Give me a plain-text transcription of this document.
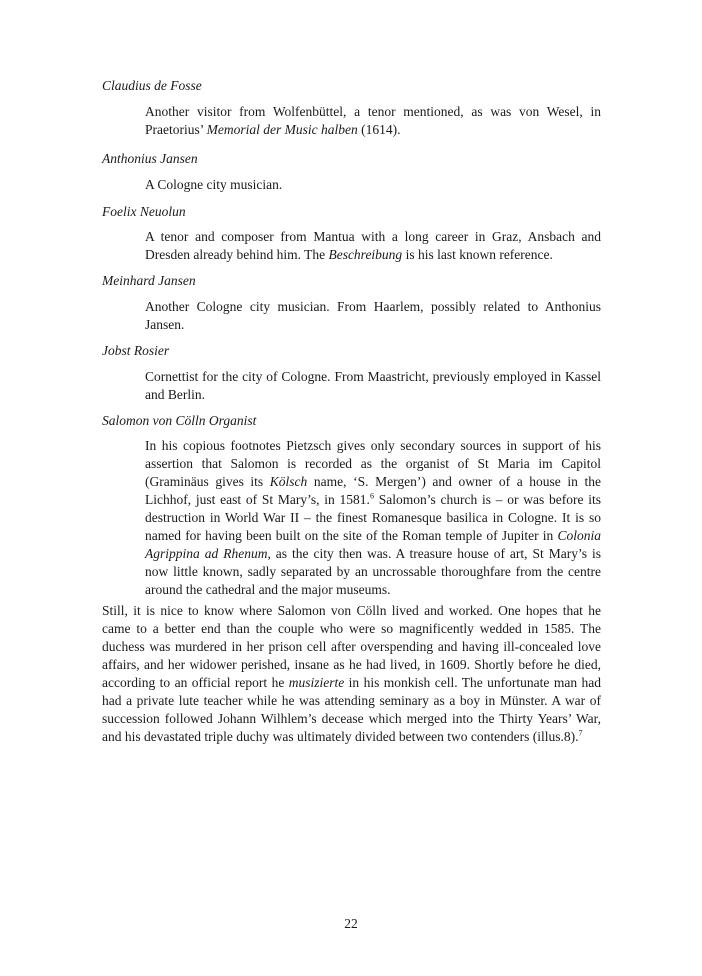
Claudius de Fosse
Another visitor from Wolfenbüttel, a tenor mentioned, as was von Wesel, in Praetorius’ Memorial der Music halben (1614).
Anthonius Jansen
A Cologne city musician.
Foelix Neuolun
A tenor and composer from Mantua with a long career in Graz, Ansbach and Dresden already behind him. The Beschreibung is his last known reference.
Meinhard Jansen
Another Cologne city musician. From Haarlem, possibly related to Anthonius Jansen.
Jobst Rosier
Cornettist for the city of Cologne. From Maastricht, previously employed in Kassel and Berlin.
Salomon von Cölln Organist
In his copious footnotes Pietzsch gives only secondary sources in support of his assertion that Salomon is recorded as the organist of St Maria im Capitol (Graminäus gives its Kölsch name, ‘S. Mergen’) and owner of a house in the Lichhof, just east of St Mary’s, in 1581.$^6$ Salomon’s church is – or was before its destruction in World War II – the finest Romanesque basilica in Cologne. It is so named for having been built on the site of the Roman temple of Jupiter in Colonia Agrippina ad Rhenum, as the city then was. A treasure house of art, St Mary’s is now little known, sadly separated by an uncrossable thoroughfare from the centre around the cathedral and the major museums.
Still, it is nice to know where Salomon von Cölln lived and worked. One hopes that he came to a better end than the couple who were so magnificently wedded in 1585. The duchess was murdered in her prison cell after overspending and having ill-concealed love affairs, and her widower perished, insane as he had lived, in 1609. Shortly before he died, according to an official report he musizierte in his monkish cell. The unfortunate man had had a private lute teacher while he was attending seminary as a boy in Münster. A war of succession followed Johann Wilhlem’s decease which merged into the Thirty Years’ War, and his devastated triple duchy was ultimately divided between two contenders (illus.8).$^7$
22
